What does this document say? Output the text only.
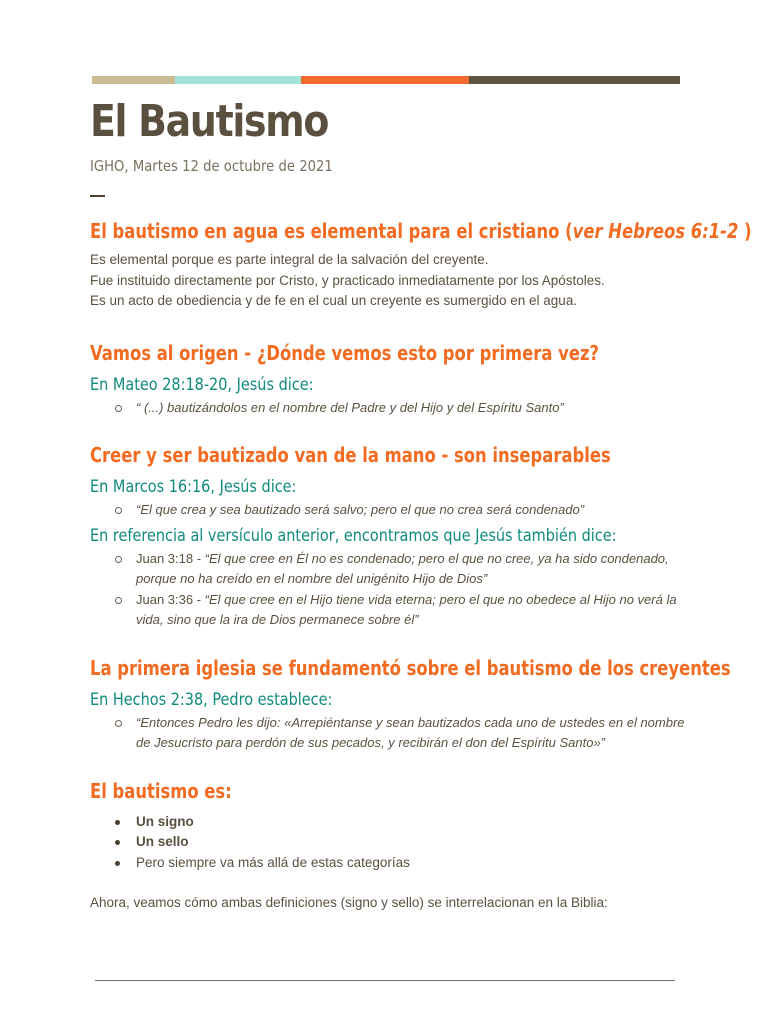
El Bautismo

IGHO, Martes 12 de octubre de 2021

El bautismo en agua es elemental para el cristiano (ver Hebreos 6:1-2 )

Es elemental porque es parte integral de la salvación del creyente.

Fue instituido directamente por Cristo, y practicado inmediatamente por los Apóstoles.

Es un acto de obediencia y de fe en el cual un creyente es sumergido en el agua.

Vamos al origen - ¿Dónde vemos esto por primera vez?
En Mateo 28:18-20, Jesús dice:
“ (...) bautizándolos en el nombre del Padre y del Hijo y del Espíritu Santo”
Creer y ser bautizado van de la mano - son inseparables
En Marcos 16:16, Jesús dice:
“El que crea y sea bautizado será salvo; pero el que no crea será condenado”
En referencia al versículo anterior, encontramos que Jesús también dice:
Juan 3:18 - “El que cree en Él no es condenado; pero el que no cree, ya ha sido condenado, porque no ha creído en el nombre del unigénito Hijo de Dios”
Juan 3:36 - “El que cree en el Hijo tiene vida eterna; pero el que no obedece al Hijo no verá la vida, sino que la ira de Dios permanece sobre él”
La primera iglesia se fundamentó sobre el bautismo de los creyentes
En Hechos 2:38, Pedro establece:
“Entonces Pedro les dijo: «Arrepiéntanse y sean bautizados cada uno de ustedes en el nombre de Jesucristo para perdón de sus pecados, y recibirán el don del Espíritu Santo»”
El bautismo es:
Un signo
Un sello
Pero siempre va más allá de estas categorías

Ahora, veamos cómo ambas definiciones (signo y sello) se interrelacionan en la Biblia:
